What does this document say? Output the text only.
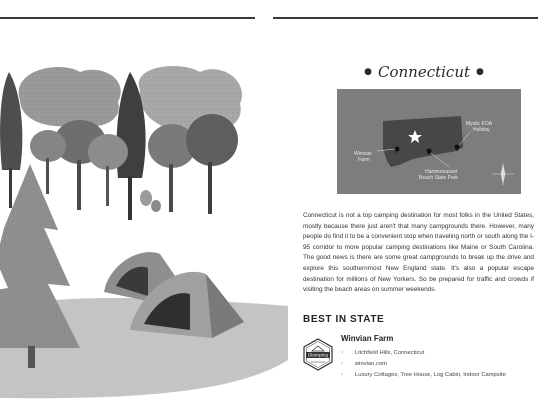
● Connecticut ●
Winvian
Farm
Mystic KOA
Holiday
Hammonasset
Beach State Park
Connecticut is not a top camping destination for most folks in the United States, mostly because there just aren't that many campgrounds there. However, many people do find it to be a convenient stop when traveling north or south along the I-95 corridor to more popular camping destinations like Maine or South Carolina. The good news is there are some great campgrounds to break up the drive and explore this southernmost New England state. It's also a popular escape destination for millions of New Yorkers. So be prepared for traffic and crowds if visiting the beach areas on summer weekends.
BEST IN STATE
Glamping
Winvian Farm
› Litchfield Hills, Connecticut
› winvian.com
› Luxury Cottages, Tree House, Log Cabin, Indoor Campsite
